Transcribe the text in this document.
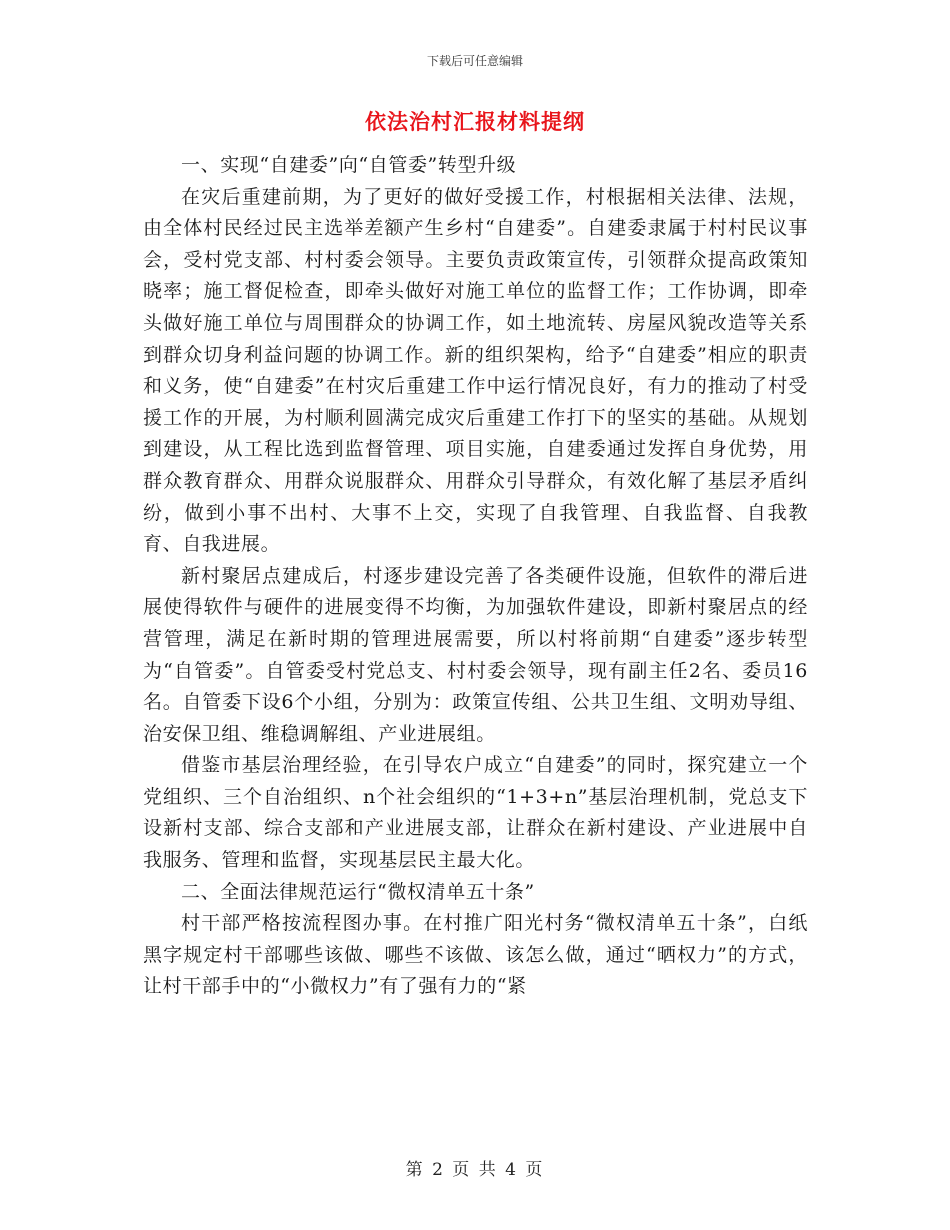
下载后可任意编辑
依法治村汇报材料提纲

一、实现“自建委”向“自管委”转型升级

在灾后重建前期，为了更好的做好受援工作，村根据相关法律、法规，由全体村民经过民主选举差额产生乡村“自建委”。自建委隶属于村村民议事会，受村党支部、村村委会领导。主要负责政策宣传，引领群众提高政策知晓率；施工督促检查，即牵头做好对施工单位的监督工作；工作协调，即牵头做好施工单位与周围群众的协调工作，如土地流转、房屋风貌改造等关系到群众切身利益问题的协调工作。新的组织架构，给予“自建委”相应的职责和义务，使“自建委”在村灾后重建工作中运行情况良好，有力的推动了村受援工作的开展，为村顺利圆满完成灾后重建工作打下的坚实的基础。从规划到建设，从工程比选到监督管理、项目实施，自建委通过发挥自身优势，用群众教育群众、用群众说服群众、用群众引导群众，有效化解了基层矛盾纠纷，做到小事不出村、大事不上交，实现了自我管理、自我监督、自我教育、自我进展。

新村聚居点建成后，村逐步建设完善了各类硬件设施，但软件的滞后进展使得软件与硬件的进展变得不均衡，为加强软件建设，即新村聚居点的经营管理，满足在新时期的管理进展需要，所以村将前期“自建委”逐步转型为“自管委”。自管委受村党总支、村村委会领导，现有副主任2名、委员16名。自管委下设6个小组，分别为：政策宣传组、公共卫生组、文明劝导组、治安保卫组、维稳调解组、产业进展组。

借鉴市基层治理经验，在引导农户成立“自建委”的同时，探究建立一个党组织、三个自治组织、n个社会组织的“1+3+n”基层治理机制，党总支下设新村支部、综合支部和产业进展支部，让群众在新村建设、产业进展中自我服务、管理和监督，实现基层民主最大化。

二、全面法律规范运行“微权清单五十条”

村干部严格按流程图办事。在村推广阳光村务“微权清单五十条”，白纸黑字规定村干部哪些该做、哪些不该做、该怎么做，通过“晒权力”的方式，让村干部手中的“小微权力”有了强有力的“紧

第 2 页 共 4 页
